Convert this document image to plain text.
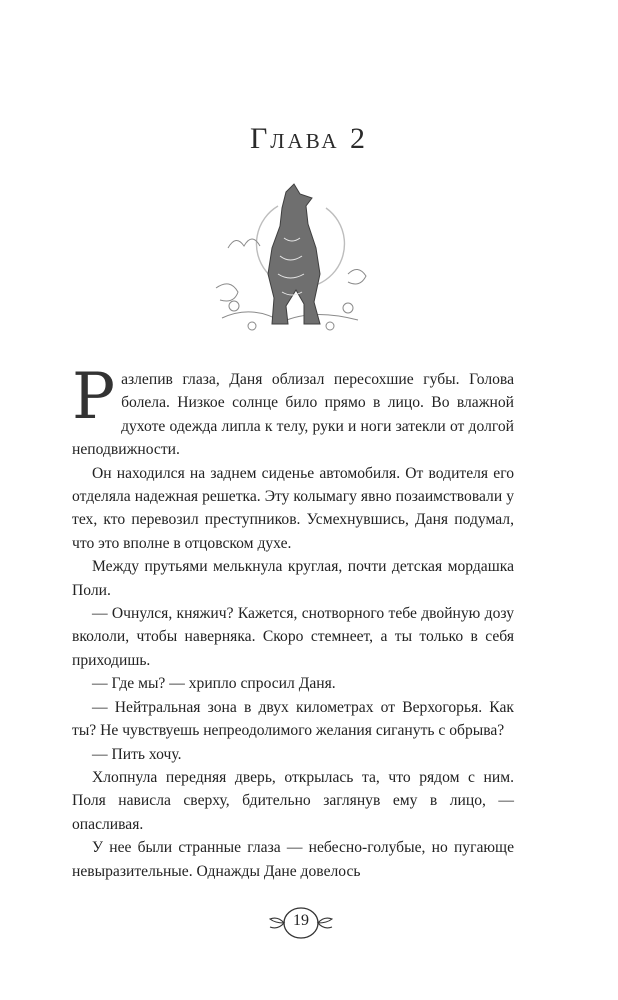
Глава 2

Разлепив глаза, Даня облизал пересохшие губы. Голова болела. Низкое солнце било прямо в лицо. Во влажной духоте одежда липла к телу, руки и ноги затекли от долгой неподвижности.

Он находился на заднем сиденье автомобиля. От водителя его отделяла надежная решетка. Эту колымагу явно позаимствовали у тех, кто перевозил преступников. Усмехнувшись, Даня подумал, что это вполне в отцовском духе.

Между прутьями мелькнула круглая, почти детская мордашка Поли.

— Очнулся, княжич? Кажется, снотворного тебе двойную дозу вкололи, чтобы наверняка. Скоро стемнеет, а ты только в себя приходишь.

— Где мы? — хрипло спросил Даня.

— Нейтральная зона в двух километрах от Верхогорья. Как ты? Не чувствуешь непреодолимого желания сигануть с обрыва?

— Пить хочу.

Хлопнула передняя дверь, открылась та, что рядом с ним. Поля нависла сверху, бдительно заглянув ему в лицо, — опасливая.

У нее были странные глаза — небесно-голубые, но пугающе невыразительные. Однажды Дане довелось

19
